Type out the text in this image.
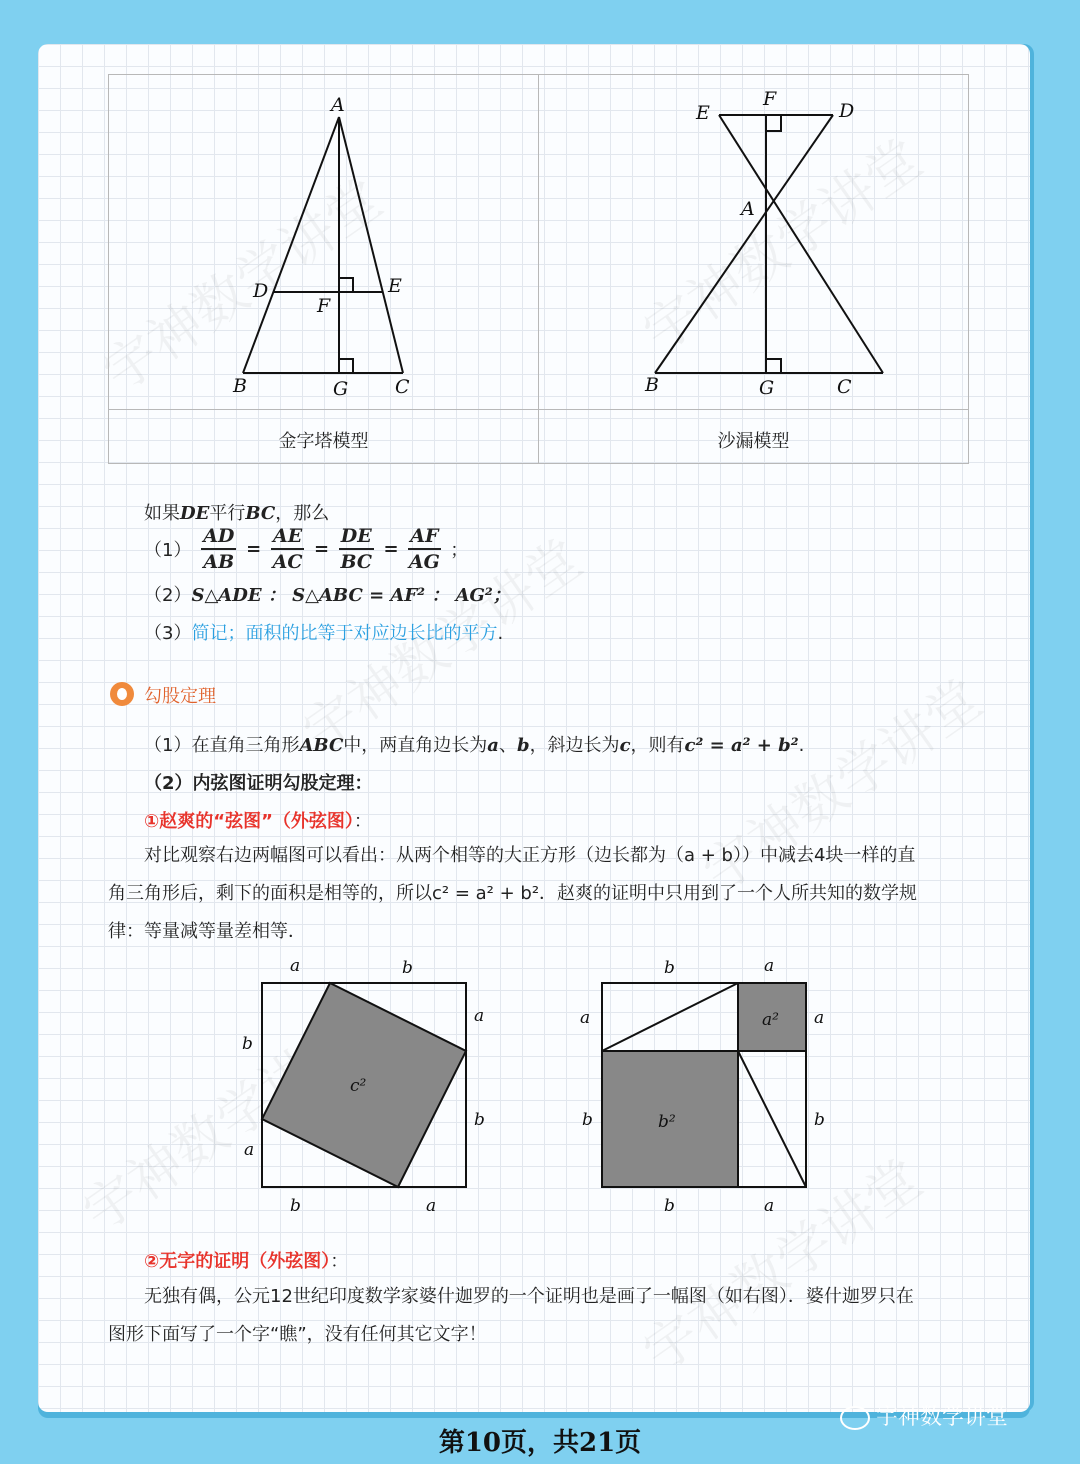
A
D	E
F
B	G C
金字塔模型
E
F
D
A
B	G	C
沙漏模型
如果DE平行BC，那么
$(1) \frac{AD}{AB} = \frac{AE}{AC} = \frac{DE}{BC} = \frac{AF}{AG}$ ；
（2）S△ADE ： S△ABC = AF² ： AG²；
（3）简记；面积的比等于对应边长比的平方.
勾股定理
（1）在直角三角形ABC中，两直角边长为a、b，斜边长为c，则有c² = a² + b².
（2）内弦图证明勾股定理：
①赵爽的“弦图”（外弦图）：
对比观察右边两幅图可以看出：从两个相等的大正方形（边长都为（a + b））中减去4块一样的直
角三角形后，剩下的面积是相等的，所以c² = a² + b²．赵爽的证明中只用到了一个人所共知的数学规
律：等量减等量差相等．
a	b
a
b
b	a
b
a
c²
b	a
a
b
a
b
b	a
a²
b²
②无字的证明（外弦图）：
无独有偶，公元12世纪印度数学家婆什迦罗的一个证明也是画了一幅图（如右图）．婆什迦罗只在
图形下面写了一个字“瞧”，没有任何其它文字！
第10页，共21页
宇神数学讲堂
